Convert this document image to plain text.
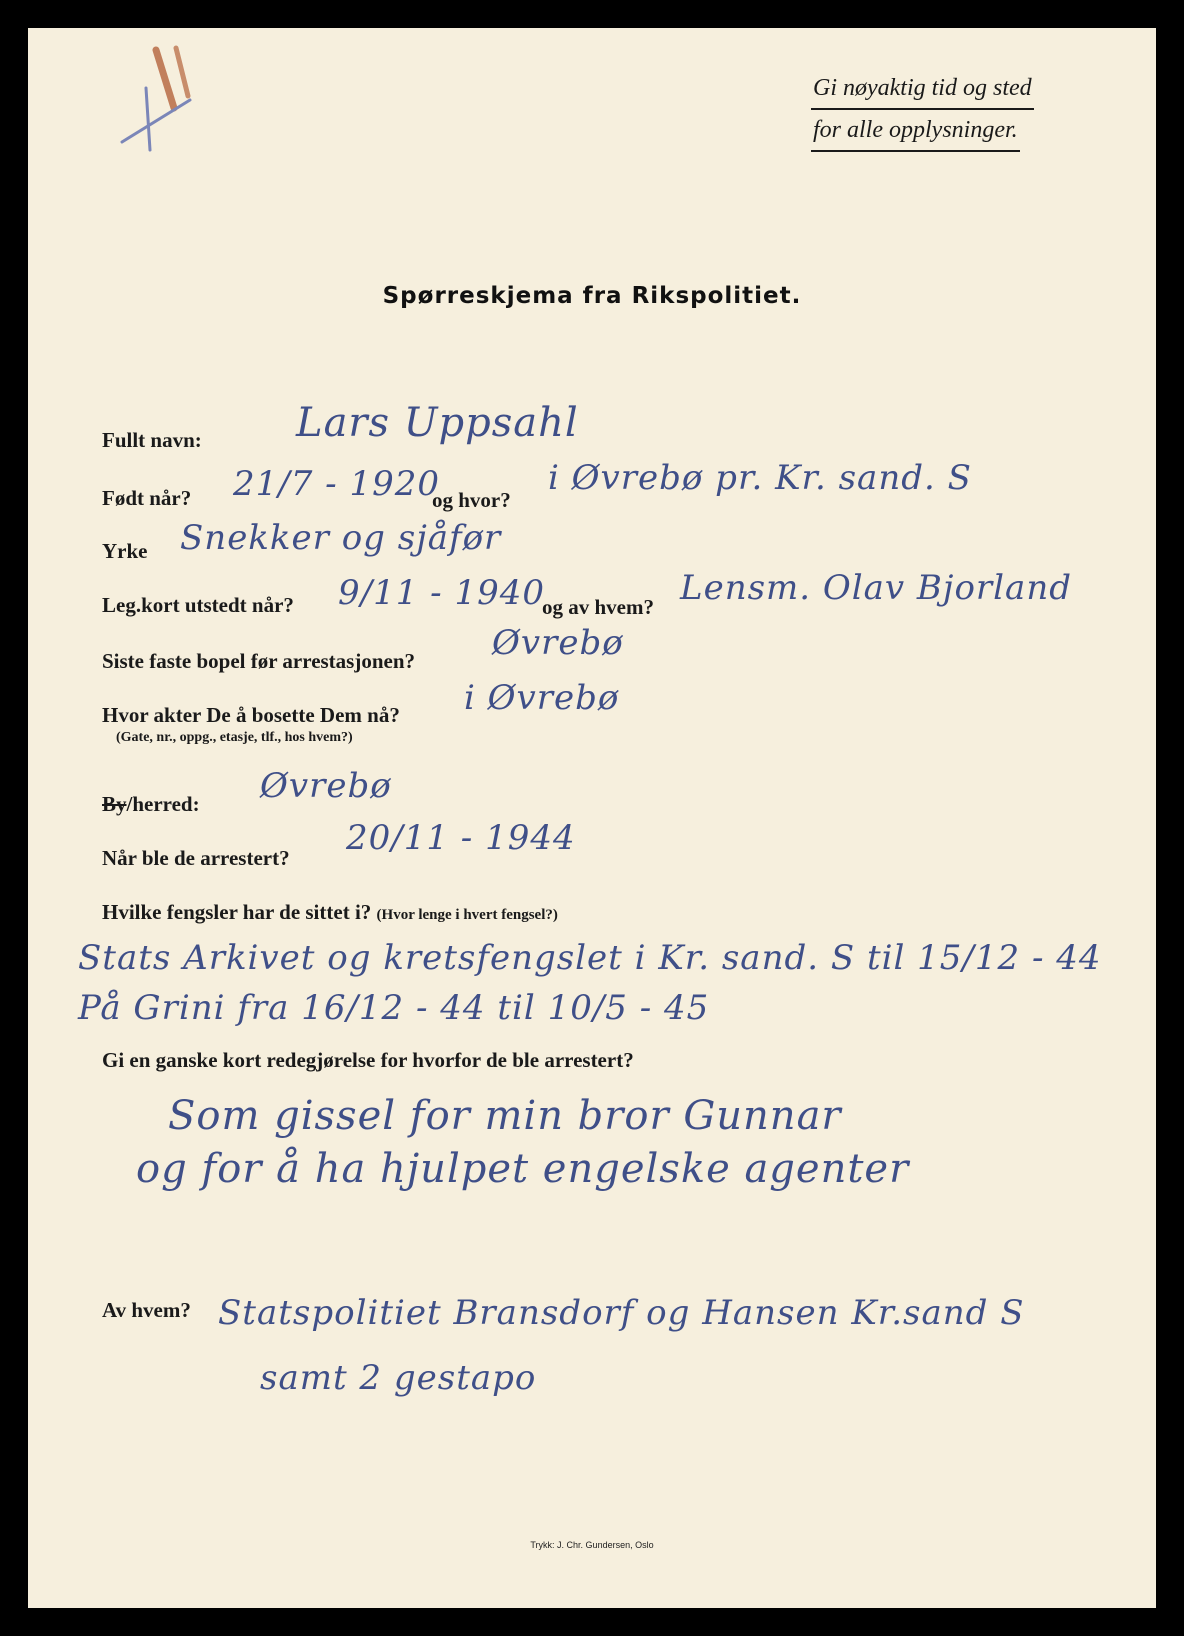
Gi nøyaktig tid og sted
for alle opplysninger.
Spørreskjema fra Rikspolitiet.
Fullt navn: Lars Uppsahl
Født når? 21/7 - 1920
og hvor?
i Øvrebø pr. Kr. sand. S
Yrke Snekker og sjåfør
Leg.kort utstedt når? 9/11 - 1940
og av hvem? Lensm. Olav Bjorland
Siste faste bopel før arrestasjonen? Øvrebø
Hvor akter De å bosette Dem nå?
(Gate, nr., oppg., etasje, tlf., hos hvem?)
i Øvrebø
By/herred: Øvrebø
Når ble de arrestert? 20/11 - 1944
Hvilke fengsler har de sittet i? (Hvor lenge i hvert fengsel?)
Stats Arkivet og kretsfengslet i Kr. sand. S til 15/12 - 44
På Grini fra 16/12 - 44 til 10/5 - 45
Gi en ganske kort redegjørelse for hvorfor de ble arrestert?
Som gissel for min bror Gunnar
og for å ha hjulpet engelske agenter
Av hvem? Statspolitiet Bransdorf og Hansen Kr.sand S
samt 2 gestapo
Trykk: J. Chr. Gundersen, Oslo
